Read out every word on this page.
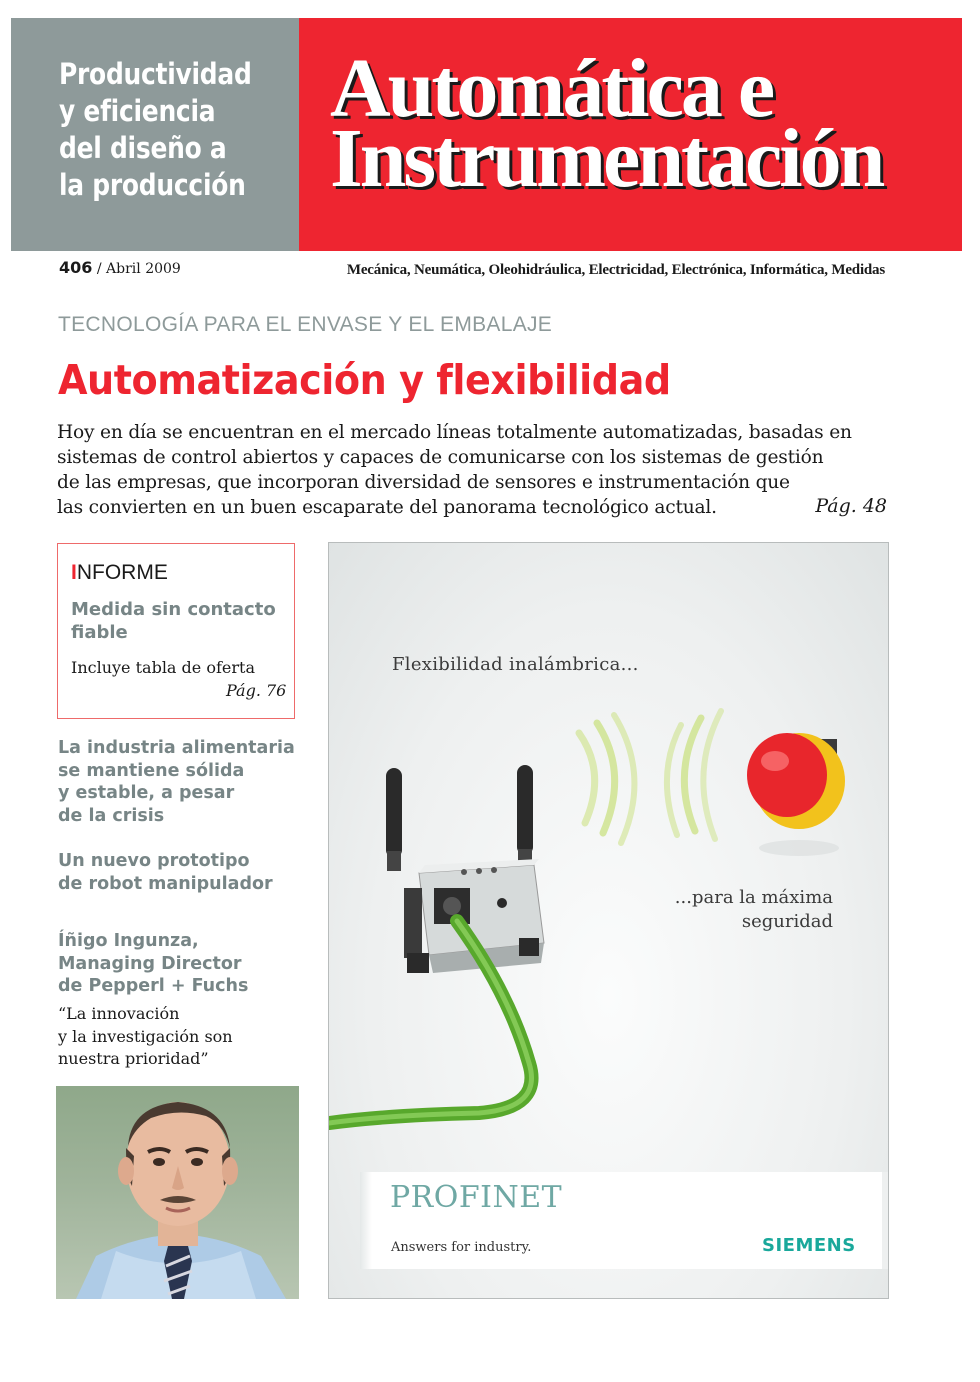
Productividad
y eficiencia
del diseño a
la producción
Automática e
Instrumentación
406 / Abril 2009	Mecánica, Neumática, Oleohidráulica, Electricidad, Electrónica, Informática, Medidas
TECNOLOGÍA PARA EL ENVASE Y EL EMBALAJE
Automatización y flexibilidad
Hoy en día se encuentran en el mercado líneas totalmente automatizadas, basadas en
sistemas de control abiertos y capaces de comunicarse con los sistemas de gestión
de las empresas, que incorporan diversidad de sensores e instrumentación que
las convierten en un buen escaparate del panorama tecnológico actual.	Pág. 48
INFORME
Medida sin contacto
fiable
Incluye tabla de oferta
Pág. 76
La industria alimentaria
se mantiene sólida
y estable, a pesar
de la crisis
Un nuevo prototipo
de robot manipulador
Íñigo Ingunza,
Managing Director
de Pepperl + Fuchs
“La innovación
y la investigación son
nuestra prioridad”
Flexibilidad inalámbrica...
...para la máxima
seguridad
PROFINET
Answers for industry.	SIEMENS
